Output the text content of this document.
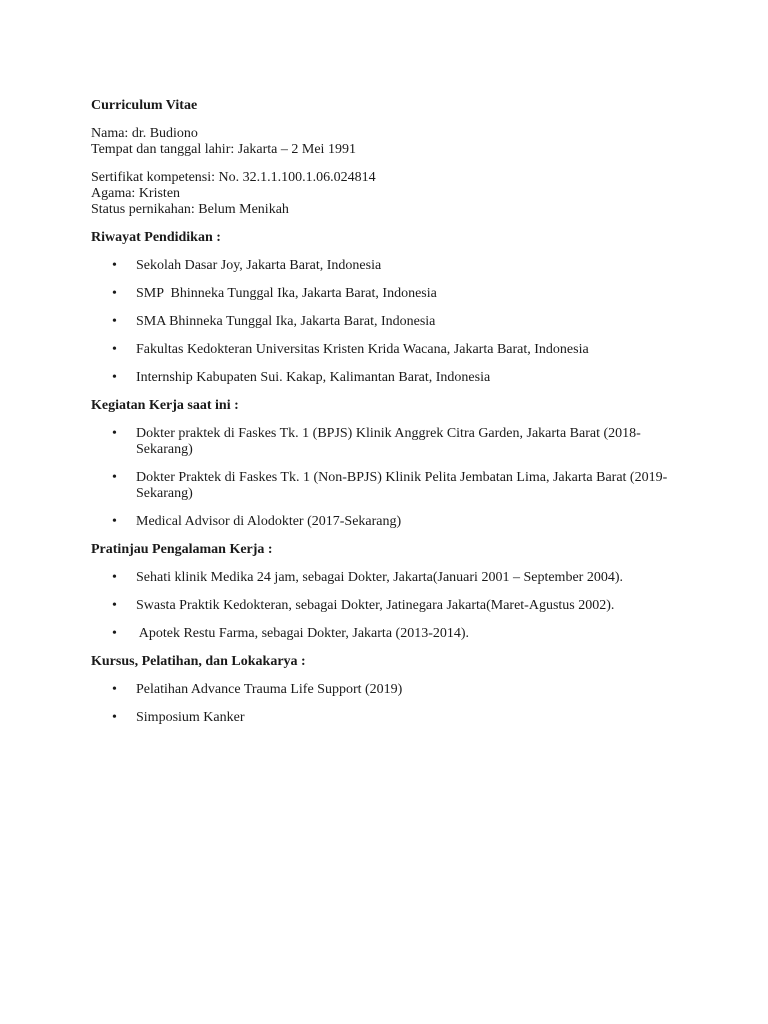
Curriculum Vitae

Nama: dr. Budiono

Tempat dan tanggal lahir: Jakarta – 2 Mei 1991

Sertifikat kompetensi: No. 32.1.1.100.1.06.024814

Agama: Kristen

Status pernikahan: Belum Menikah

Riwayat Pendidikan :

• Sekolah Dasar Joy, Jakarta Barat, Indonesia
• SMP  Bhinneka Tunggal Ika, Jakarta Barat, Indonesia
• SMA Bhinneka Tunggal Ika, Jakarta Barat, Indonesia
• Fakultas Kedokteran Universitas Kristen Krida Wacana, Jakarta Barat, Indonesia
• Internship Kabupaten Sui. Kakap, Kalimantan Barat, Indonesia

Kegiatan Kerja saat ini :

• Dokter praktek di Faskes Tk. 1 (BPJS) Klinik Anggrek Citra Garden, Jakarta Barat (2018-Sekarang)
• Dokter Praktek di Faskes Tk. 1 (Non-BPJS) Klinik Pelita Jembatan Lima, Jakarta Barat (2019-Sekarang)
• Medical Advisor di Alodokter (2017-Sekarang)

Pratinjau Pengalaman Kerja :

• Sehati klinik Medika 24 jam, sebagai Dokter, Jakarta(Januari 2001 – September 2004).
• Swasta Praktik Kedokteran, sebagai Dokter, Jatinegara Jakarta(Maret-Agustus 2002).
• Apotek Restu Farma, sebagai Dokter, Jakarta (2013-2014).

Kursus, Pelatihan, dan Lokakarya :

• Pelatihan Advance Trauma Life Support (2019)
• Simposium Kanker
